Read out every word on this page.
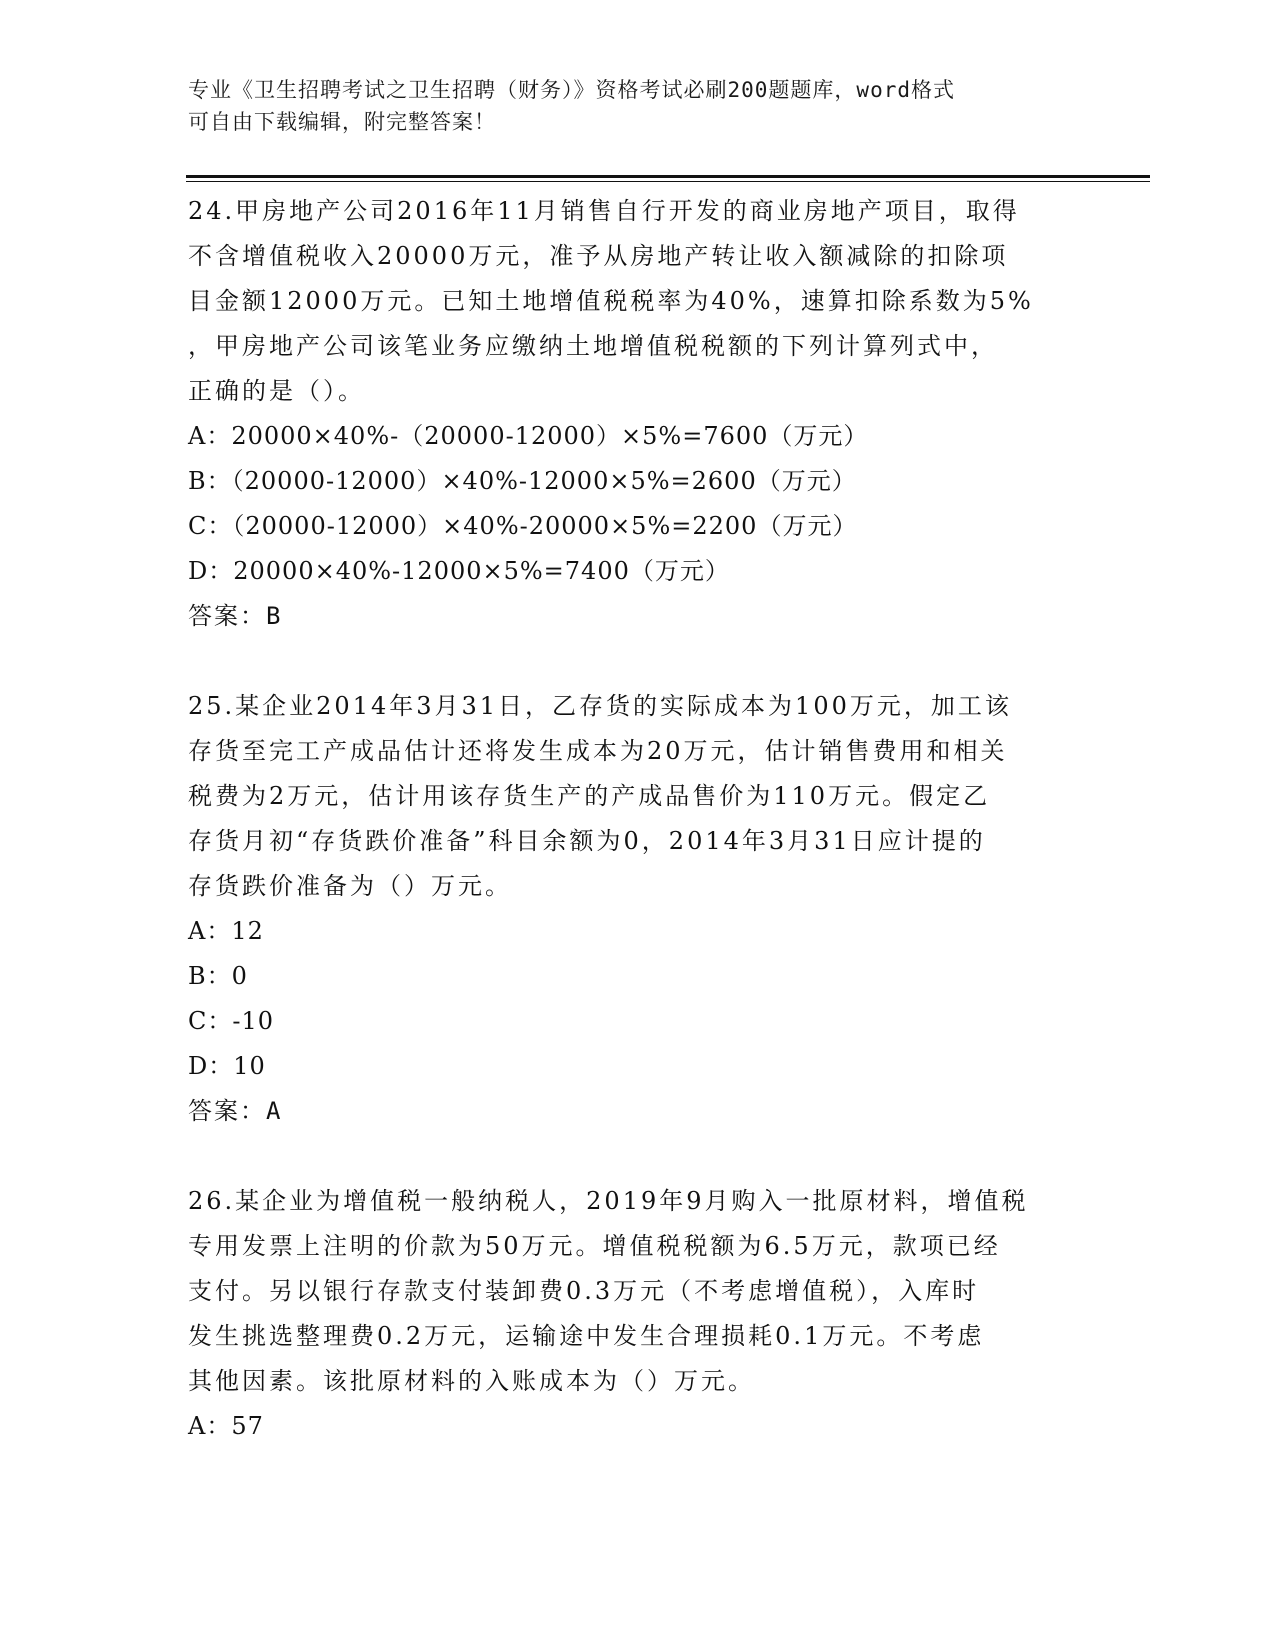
专业《卫生招聘考试之卫生招聘（财务）》资格考试必刷200题题库，word格式
可自由下载编辑，附完整答案！
24.甲房地产公司2016年11月销售自行开发的商业房地产项目，取得
不含增值税收入20000万元，准予从房地产转让收入额减除的扣除项
目金额12000万元。已知土地增值税税率为40%，速算扣除系数为5%
，甲房地产公司该笔业务应缴纳土地增值税税额的下列计算列式中，
正确的是（）。
A：20000×40%-（20000-12000）×5%=7600（万元）
B：（20000-12000）×40%-12000×5%=2600（万元）
C：（20000-12000）×40%-20000×5%=2200（万元）
D：20000×40%-12000×5%=7400（万元）
答案：B
25.某企业2014年3月31日，乙存货的实际成本为100万元，加工该
存货至完工产成品估计还将发生成本为20万元，估计销售费用和相关
税费为2万元，估计用该存货生产的产成品售价为110万元。假定乙
存货月初“存货跌价准备”科目余额为0，2014年3月31日应计提的
存货跌价准备为（）万元。
A：12
B：0
C：-10
D：10
答案：A
26.某企业为增值税一般纳税人，2019年9月购入一批原材料，增值税
专用发票上注明的价款为50万元。增值税税额为6.5万元，款项已经
支付。另以银行存款支付装卸费0.3万元（不考虑增值税），入库时
发生挑选整理费0.2万元，运输途中发生合理损耗0.1万元。不考虑
其他因素。该批原材料的入账成本为（）万元。
A：57
